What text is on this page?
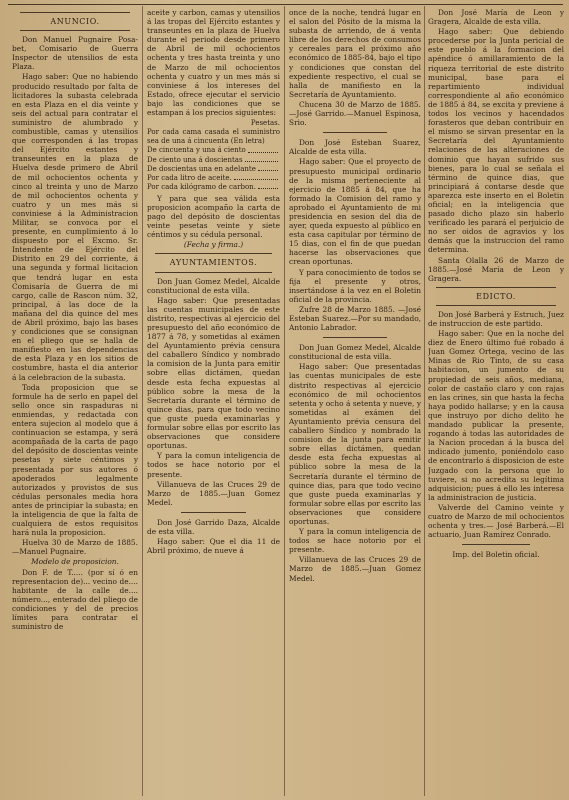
ANUNCIO.

Don Manuel Pugnaire Posa-bet, Comisario de Guerra Inspector de utensilios de esta Plaza.

Hago saber: Que no habiendo producido resultado por falta de licitadores la subasta celebrada en esta Plaza en el dia veinte y seis del actual para contratar el suministro de alumbrado y combustible, camas y utensilios que corresponden á las tropas del Ejército estantes y transeuntes en la plaza de Huelva desde primero de Abril de mil ochocientos ochenta y cinco al treinta y uno de Marzo de mil ochocientos ochenta y cuatro y un mes más si conviniese á la Administracion Militar, se convoca por el presente, en cumplimiento á lo dispuesto por el Excmo. Sr. Intendente de Ejército del Distrito en 29 del corriente, á una segunda y formal licitacion que tendrá lugar en esta Comisaría de Guerra de mi cargo, calle de Rascon núm. 32, principal, á las doce de la mañana del dia quince del mes de Abril próximo, bajo las bases y condiciones que se consignan en el pliego que se halla de manifiesto en las dependencias de esta Plaza y en los sitios de costumbre, hasta el dia anterior á la celebracion de la subasta.

Toda proposicion que se formule ha de serlo en papel del sello once sin raspaduras ni enmiendas, y redactada con entera sujecion al modelo que á continuacion se estampa, y será acompañada de la carta de pago del depósito de doscientas veinte pesetas y siete céntimos y presentada por sus autores ó apoderados legalmente autorizados y provistos de sus cédulas personales media hora antes de principiar la subasta; en la inteligencia de que la falta de cualquiera de estos requisitos hará nula la proposicion.

Huelva 30 de Marzo de 1885.—Manuel Pugnaire.

Modelo de proposicion.

Don F. de T..... (por sí ó en representacion de)... vecino de.... habitante de la calle de.... número..., enterado del pliego de condiciones y del de precios límites para contratar el suministro de

aceite y carbon, camas y utensilios á las tropas del Ejército estantes y transeuntes en la plaza de Huelva durante el periodo desde primero de Abril de mil ochocientos ochenta y tres hasta treinta y uno de Marzo de mil ochocientos ochenta y cuatro y un mes más si conviniese á los intereses del Estado, ofrece ejecutar el servicio bajo las condiciones que se estampan á los precios siguientes:

Pesetas.
Por cada cama casada el suministro sea de una á cincuenta (En letra)
De cincuenta y una á ciento
De ciento una á doscientas
De doscientas una en adelante
Por cada litro de aceite.
Por cada kilógramo de carbon.

Y para que sea válida esta proposicion acompaño la carta de pago del depósito de doscientas veinte pesetas veinte y siete céntimos y su cédula personal.

(Fecha y firma.)

AYUNTAMIENTOS.

Don Juan Gomez Medel, Alcalde constitucional de esta villa.

Hago saber: Que presentadas las cuentas municipales de este distrito, respectivas al ejercicio del presupuesto del año económico de 1877 á 78, y sometidas al exámen del Ayuntamiento prévia censura del caballero Síndico y nombrado la comision de la Junta para emitir sobre ellas dictámen, quedan desde esta fecha expuestas al público sobre la mesa de la Secretaría durante el término de quince dias, para que todo vecino que guste pueda examinarlas y formular sobre ellas por escrito las observaciones que considere oportunas.

Y para la comun inteligencia de todos se hace notorio por el presente.

Villanueva de las Cruces 29 de Marzo de 1885.—Juan Gomez Medel.

Don José Garrido Daza, Alcalde de esta villa.

Hago saber: Que el dia 11 de Abril próximo, de nueve á

once de la noche, tendrá lugar en el salon del Pósito de la misma la subasta de arriendo, de á venta libre de los derechos de consumos y cereales para el próximo año económico de 1885-84, bajo el tipo y condiciones que constan del expediente respectivo, el cual se halla de manifiesto en la Secretaría de Ayuntamiento.

Chucena 30 de Marzo de 1885.—José Garrido.—Manuel Espinosa, Srio.

Don José Esteban Suarez, Alcalde de esta villa.

Hago saber: Que el proyecto de presupuesto municipal ordinario de la misma perteneciente al ejercicio de 1885 á 84, que ha formado la Comision del ramo y aprobado el Ayuntamiento de mi presidencia en sesion del dia de ayer, queda expuesto al público en esta casa capitular por término de 15 dias, con el fin de que puedan hacerse las observaciones que crean oportunas.

Y para conocimiento de todos se fija el presente y otros, insertándose á la vez en el Boletin oficial de la provincia.

Zufre 28 de Marzo 1885. —José Esteban Suarez.—Por su mandado, Antonio Labrador.

Don Juan Gomez Medel, Alcalde constitucional de esta villa.

Hago saber: Que presentadas las cuentas municipales de este distrito respectivas al ejercicio económico de mil ochocientos setenta y ocho á setenta y nueve, y sometidas al exámen del Ayuntamiento prévia censura del caballero Síndico y nombrado la comision de la junta para emitir sobre ellas dictámen, quedan desde esta fecha expuestas al público sobre la mesa de la Secretaría durante el término de quince dias, para que todo vecino que guste pueda examinarlas y formular sobre ellas por escrito las observaciones que considere oportunas.

Y para la comun inteligencia de todos se hace notorio por el presente.

Villanueva de las Cruces 29 de Marzo de 1885.—Juan Gomez Medel.

Don José María de Leon y Gragera, Alcalde de esta villa.

Hago saber: Que debiendo procederse por la Junta pericial de este pueblo á la formacion del apéndice ó amillaramiento de la riqueza territorial de este distrito municipal, base para el repartimiento individual correspondiente al año económico de 1885 á 84, se excita y previene á todos los vecinos y hacendados forasteros que deban contribuir en el mismo se sirvan presentar en la Secretaría del Ayuntamiento relaciones de las alteraciones de dominio que hayan sufrido sus bienes, para lo cual se señala el término de quince dias, que principiará á contarse desde que aparezca este inserto en el Boletin oficial; en la inteligencia que pasado dicho plazo sin haberlo verificado les parará el perjuicio de no ser oidos de agravios y los demás que la instruccion del ramo determina.

Santa Olalla 26 de Marzo de 1885.—José María de Leon y Gragera.

EDICTO.

Don José Barberá y Estruch, Juez de instruccion de este partido.

Hago saber: Que en la noche del diez de Enero último fué robado á Juan Gomez Ortega, vecino de las Minas de Rio Tinto, de su casa habitacion, un jumento de su propiedad de seis años, mediana, color de castaño claro y con rajas en las crines, sin que hasta la fecha haya podido hallarse; y en la causa que instruyo por dicho delito he mandado publicar la presente, rogando á todas las autoridades de la Nacion procedan á la busca del indicado jumento, poniéndolo caso de encontrarlo á disposicion de este Juzgado con la persona que lo tuviere, si no acredita su legítima adquisicion; pues á ello les interesa la administracion de justicia.

Valverde del Camino veinte y cuatro de Marzo de mil ochocientos ochenta y tres.— José Barberá.—El actuario, Juan Ramírez Conrado.

Imp. del Boletin oficial.
